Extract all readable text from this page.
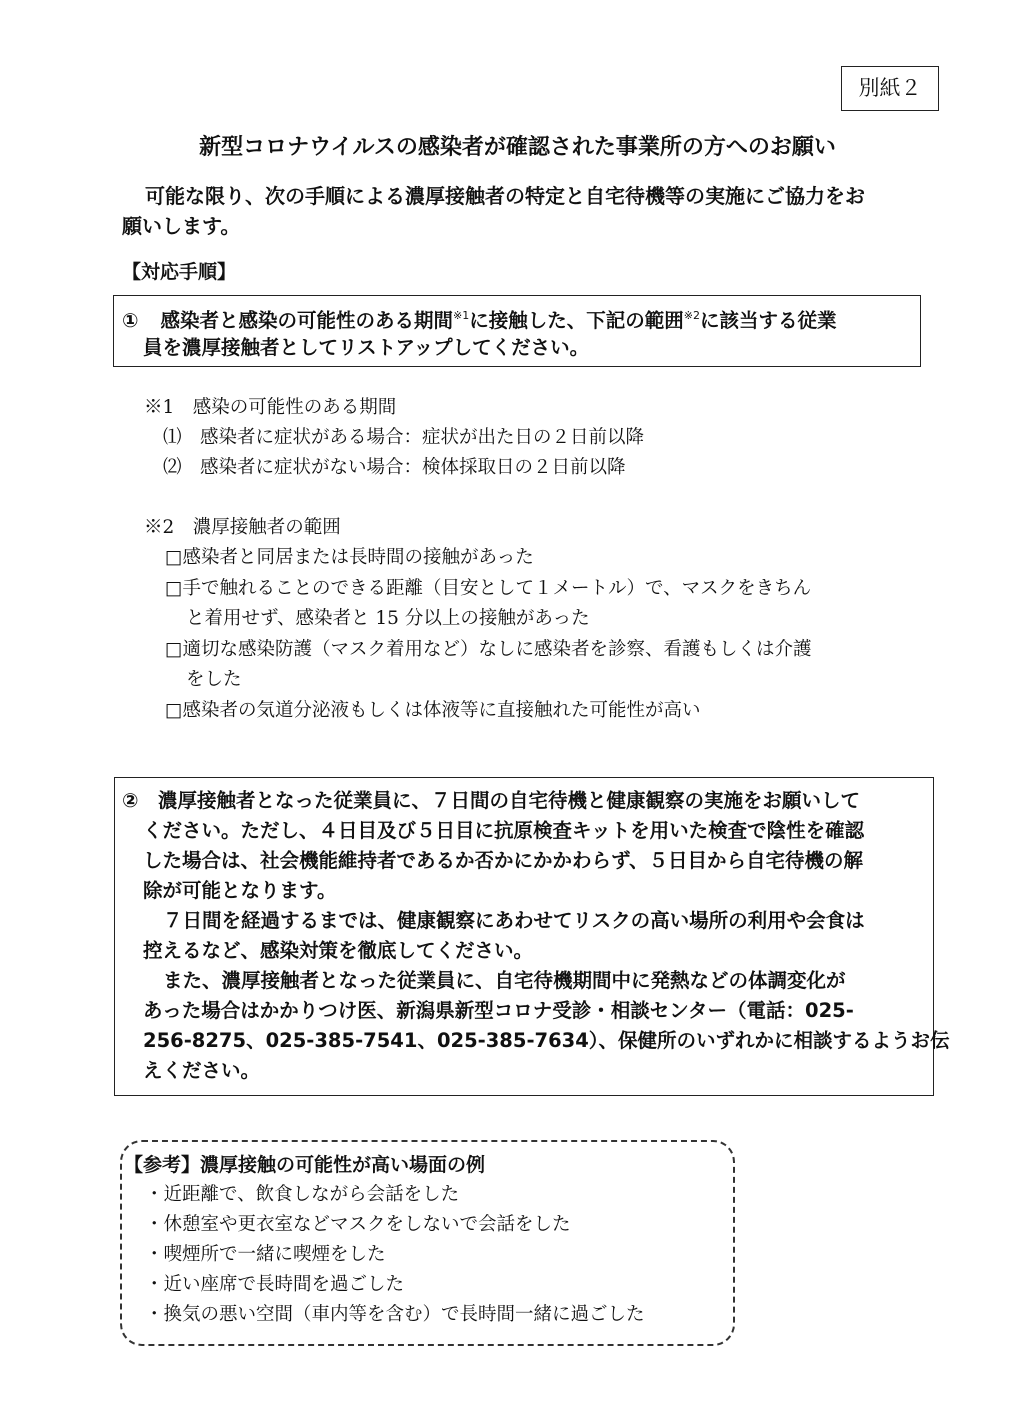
別紙２
新型コロナウイルスの感染者が確認された事業所の方へのお願い
可能な限り、次の手順による濃厚接触者の特定と自宅待機等の実施にご協力をお
願いします。
【対応手順】
① 感染者と感染の可能性のある期間$^{※1}$に接触した、下記の範囲$^{※2}$に該当する従業
員を濃厚接触者としてリストアップしてください。
※1　感染の可能性のある期間
⑴　感染者に症状がある場合：症状が出た日の２日前以降
⑵　感染者に症状がない場合：検体採取日の２日前以降
※2　濃厚接触者の範囲
□感染者と同居または長時間の接触があった
□手で触れることのできる距離（目安として１メートル）で、マスクをきちん
と着用せず、感染者と 15 分以上の接触があった
□適切な感染防護（マスク着用など）なしに感染者を診察、看護もしくは介護
をした
□感染者の気道分泌液もしくは体液等に直接触れた可能性が高い
②　濃厚接触者となった従業員に、７日間の自宅待機と健康観察の実施をお願いして
ください。ただし、４日目及び５日目に抗原検査キットを用いた検査で陰性を確認
した場合は、社会機能維持者であるか否かにかかわらず、５日目から自宅待機の解
除が可能となります。
７日間を経過するまでは、健康観察にあわせてリスクの高い場所の利用や会食は
控えるなど、感染対策を徹底してください。
また、濃厚接触者となった従業員に、自宅待機期間中に発熱などの体調変化が
あった場合はかかりつけ医、新潟県新型コロナ受診・相談センター（電話：025-
256-8275、025-385-7541、025-385-7634）、保健所のいずれかに相談するようお伝
えください。
【参考】濃厚接触の可能性が高い場面の例
・近距離で、飲食しながら会話をした
・休憩室や更衣室などマスクをしないで会話をした
・喫煙所で一緒に喫煙をした
・近い座席で長時間を過ごした
・換気の悪い空間（車内等を含む）で長時間一緒に過ごした
